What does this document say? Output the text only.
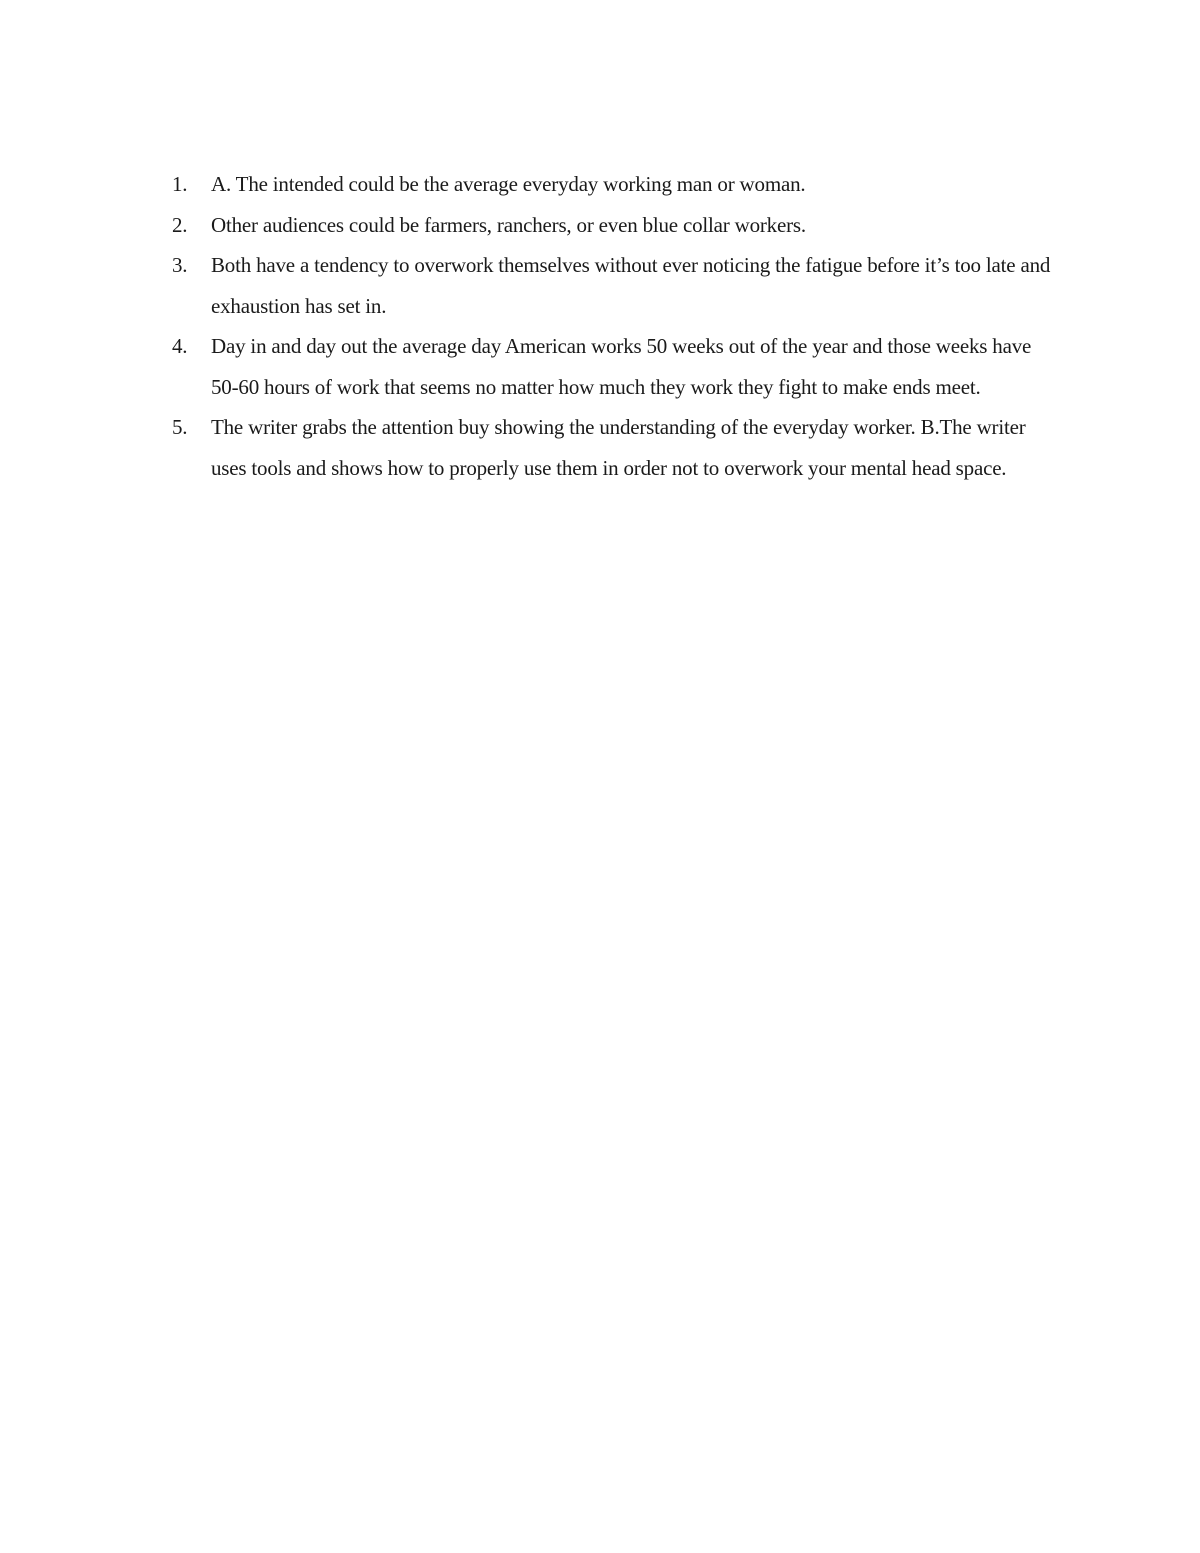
1. A. The intended could be the average everyday working man or woman.
2. Other audiences could be farmers, ranchers, or even blue collar workers.
3. Both have a tendency to overwork themselves without ever noticing the fatigue before it’s too late and exhaustion has set in.
4. Day in and day out the average day American works 50 weeks out of the year and those weeks have 50-60 hours of work that seems no matter how much they work they fight to make ends meet.
5. The writer grabs the attention buy showing the understanding of the everyday worker. B.The writer uses tools and shows how to properly use them in order not to overwork your mental head space.
